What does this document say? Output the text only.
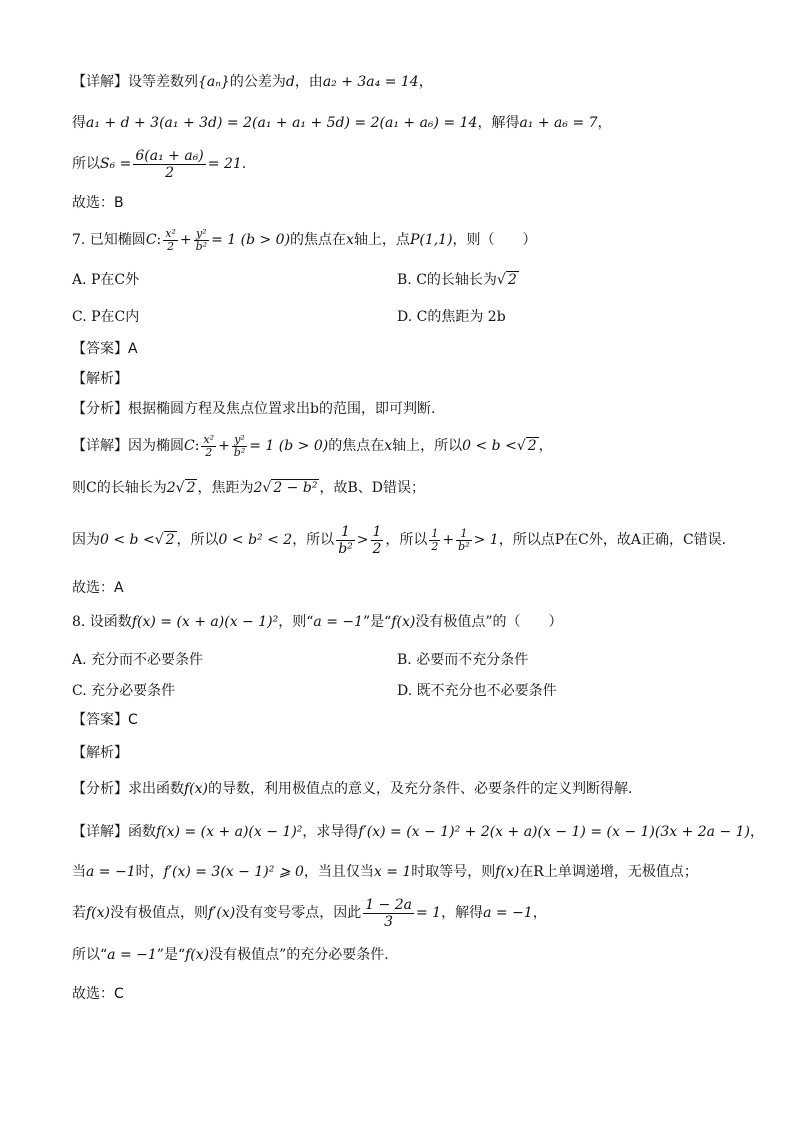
【详解】设等差数列{aₙ}的公差为d，由a₂ + 3a₄ = 14，
得a₁ + d + 3(a₁ + 3d) = 2(a₁ + a₁ + 5d) = 2(a₁ + a₆) = 14，解得a₁ + a₆ = 7，
所以$S_6 = \frac{\text{6(a₁ + a₆)}}{2} = 21$.
故选：B
7. 已知椭圆C: $\frac{\text{x²}}{2} + \frac{\text{y²}}{\text{b²}} = 1$ (b > 0)的焦点在x轴上，点P(1,1)，则（　　）
A. P在C外	B. C的长轴长为√ 2
C. P在C内	D. C的焦距为 2b
【答案】A
【解析】
【分析】根据椭圆方程及焦点位置求出b的范围，即可判断.
【详解】因为椭圆C: $\frac{\text{x²}}{2} + \frac{\text{y²}}{\text{b²}} = 1$ (b > 0)的焦点在x轴上，所以0 < b <√ 2 ，
则C的长轴长为2√ 2 ，焦距为2√ 2 − b² ，故B、D错误；
因为0 < b <√ 2 ，所以0 < b² < 2，所以 $\frac{1}{\text{b²}} > \frac{1}{2}$ ，所以 $\frac{1}{2} + \frac{1}{\text{b²}} > 1$，所以点P在C外，故A正确，C错误.
故选：A
8. 设函数f(x) = (x + a)(x − 1)²，则“a = −1”是“f(x)没有极值点”的（　　）
A. 充分而不必要条件	B. 必要而不充分条件
C. 充分必要条件	D. 既不充分也不必要条件
【答案】C
【解析】
【分析】求出函数f(x)的导数，利用极值点的意义，及充分条件、必要条件的定义判断得解.
【详解】函数f(x) = (x + a)(x − 1)²，求导得f′(x) = (x − 1)² + 2(x + a)(x − 1) = (x − 1)(3x + 2a − 1)，
当a = −1时，f′(x) = 3(x − 1)² ⩾ 0，当且仅当x = 1时取等号，则f(x)在R上单调递增，无极值点；
若f(x)没有极值点，则f′(x)没有变号零点，因此 $\frac{1 - 2a}{3} = 1$，解得a = −1，
所以“a = −1”是“f(x)没有极值点”的充分必要条件.
故选：C
